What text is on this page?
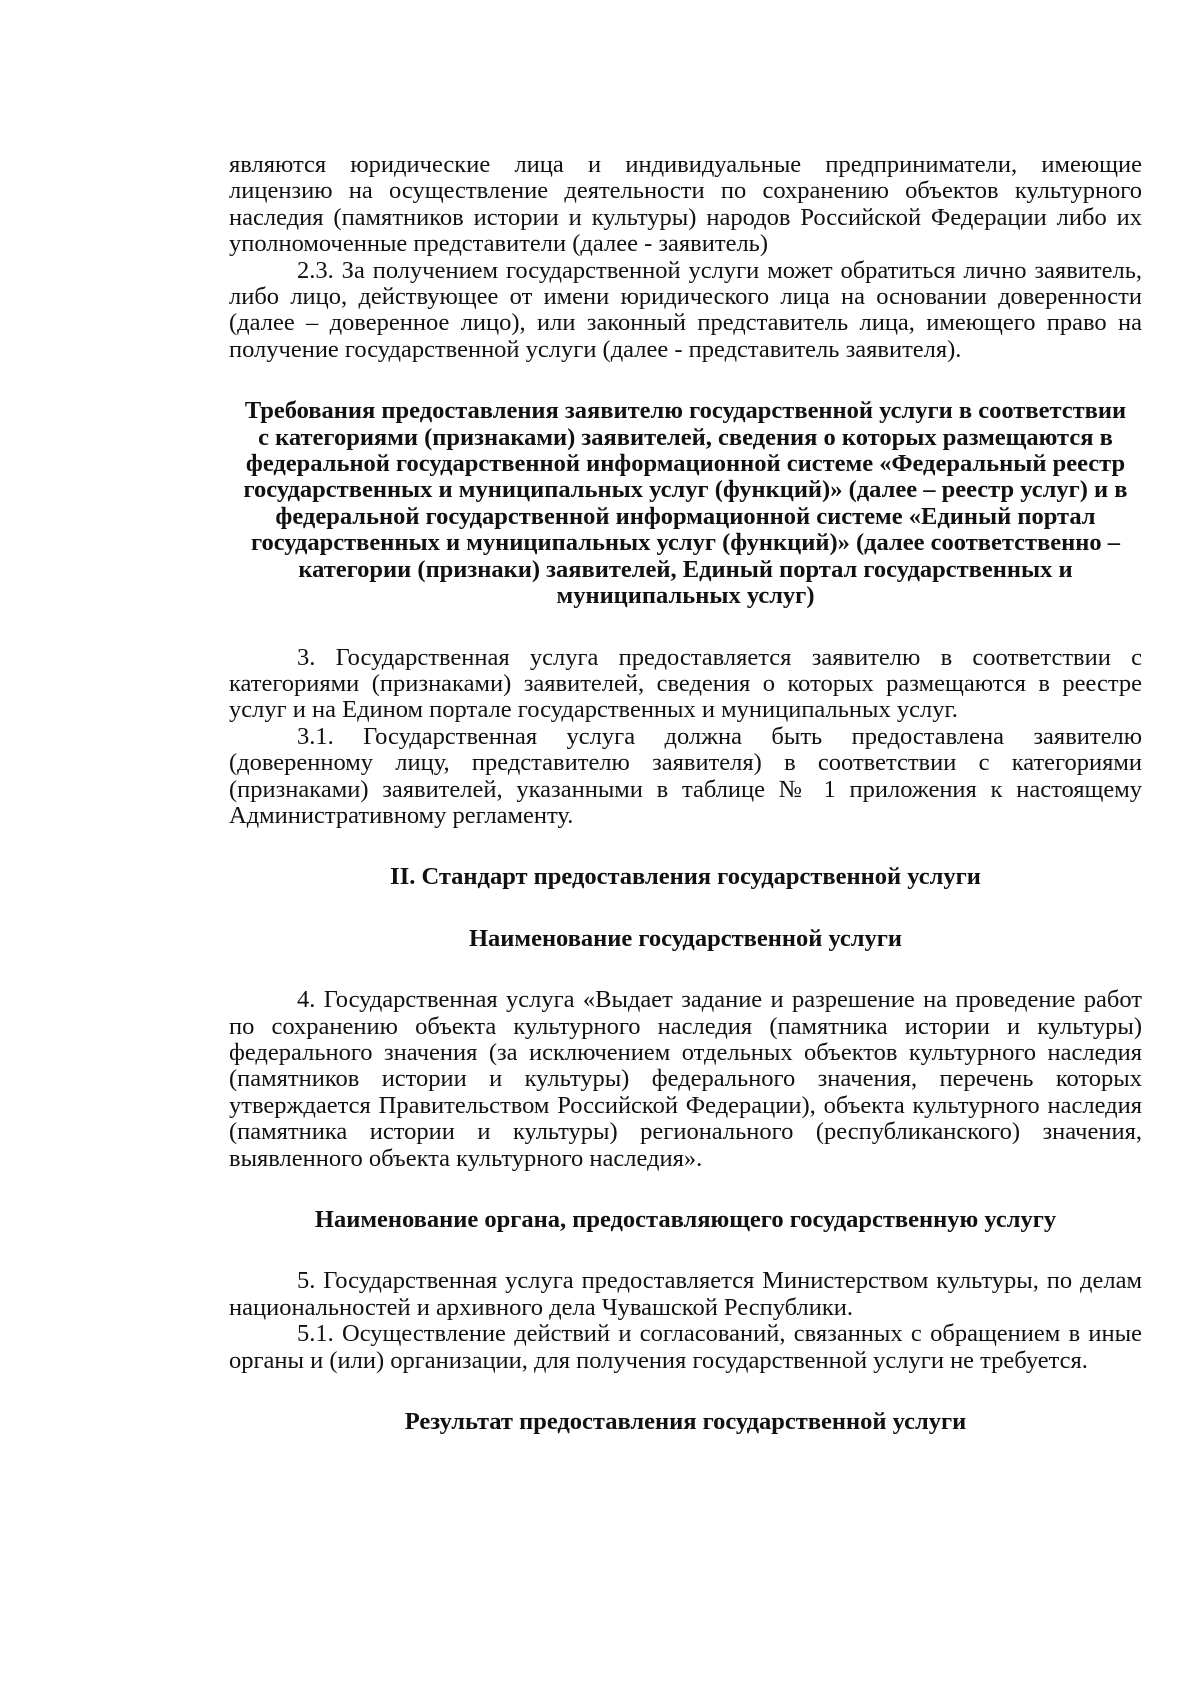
являются юридические лица и индивидуальные предприниматели, имеющие лицензию на осуществление деятельности по сохранению объектов культурного наследия (памятников истории и культуры) народов Российской Федерации либо их уполномоченные представители (далее - заявитель)

2.3. За получением государственной услуги может обратиться лично заявитель, либо лицо, действующее от имени юридического лица на основании доверенности (далее – доверенное лицо), или законный представитель лица, имеющего право на получение государственной услуги (далее - представитель заявителя).

Требования предоставления заявителю государственной услуги в соответствии с категориями (признаками) заявителей, сведения о которых размещаются в федеральной государственной информационной системе «Федеральный реестр государственных и муниципальных услуг (функций)» (далее – реестр услуг) и в федеральной государственной информационной системе «Единый портал государственных и муниципальных услуг (функций)» (далее соответственно – категории (признаки) заявителей, Единый портал государственных и муниципальных услуг)

3. Государственная услуга предоставляется заявителю в соответствии с категориями (признаками) заявителей, сведения о которых размещаются в реестре услуг и на Едином портале государственных и муниципальных услуг.

3.1. Государственная услуга должна быть предоставлена заявителю (доверенному лицу, представителю заявителя) в соответствии с категориями (признаками) заявителей, указанными в таблице № 1 приложения к настоящему Административному регламенту.

II. Стандарт предоставления государственной услуги

Наименование государственной услуги

4. Государственная услуга «Выдает задание и разрешение на проведение работ по сохранению объекта культурного наследия (памятника истории и культуры) федерального значения (за исключением отдельных объектов культурного наследия (памятников истории и культуры) федерального значения, перечень которых утверждается Правительством Российской Федерации), объекта культурного наследия (памятника истории и культуры) регионального (республиканского) значения, выявленного объекта культурного наследия».

Наименование органа, предоставляющего государственную услугу

5. Государственная услуга предоставляется Министерством культуры, по делам национальностей и архивного дела Чувашской Республики.

5.1. Осуществление действий и согласований, связанных с обращением в иные органы и (или) организации, для получения государственной услуги не требуется.

Результат предоставления государственной услуги
